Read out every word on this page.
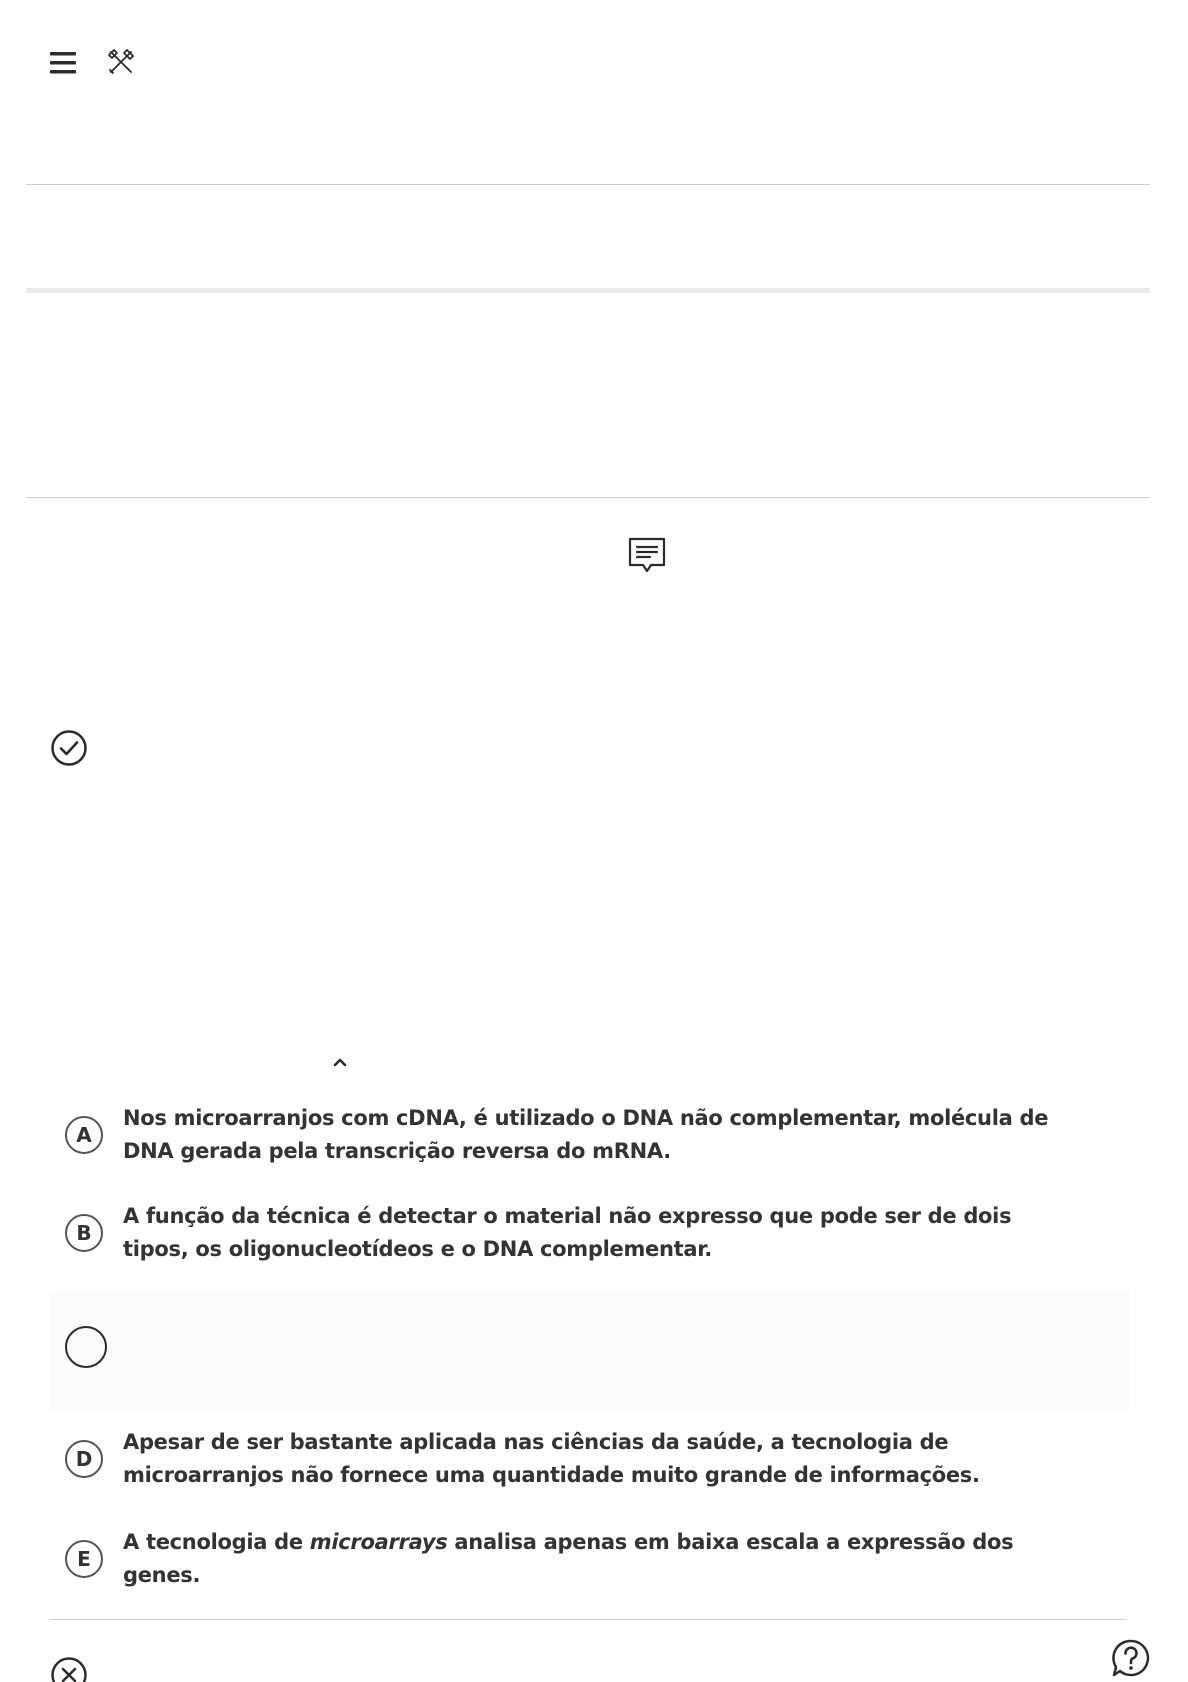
A
Nos microarranjos com cDNA, é utilizado o DNA não complementar, molécula de DNA gerada pela transcrição reversa do mRNA.
B
A função da técnica é detectar o material não expresso que pode ser de dois tipos, os oligonucleotídeos e o DNA complementar.
D
Apesar de ser bastante aplicada nas ciências da saúde, a tecnologia de microarranjos não fornece uma quantidade muito grande de informações.
E
A tecnologia de microarrays analisa apenas em baixa escala a expressão dos genes.
